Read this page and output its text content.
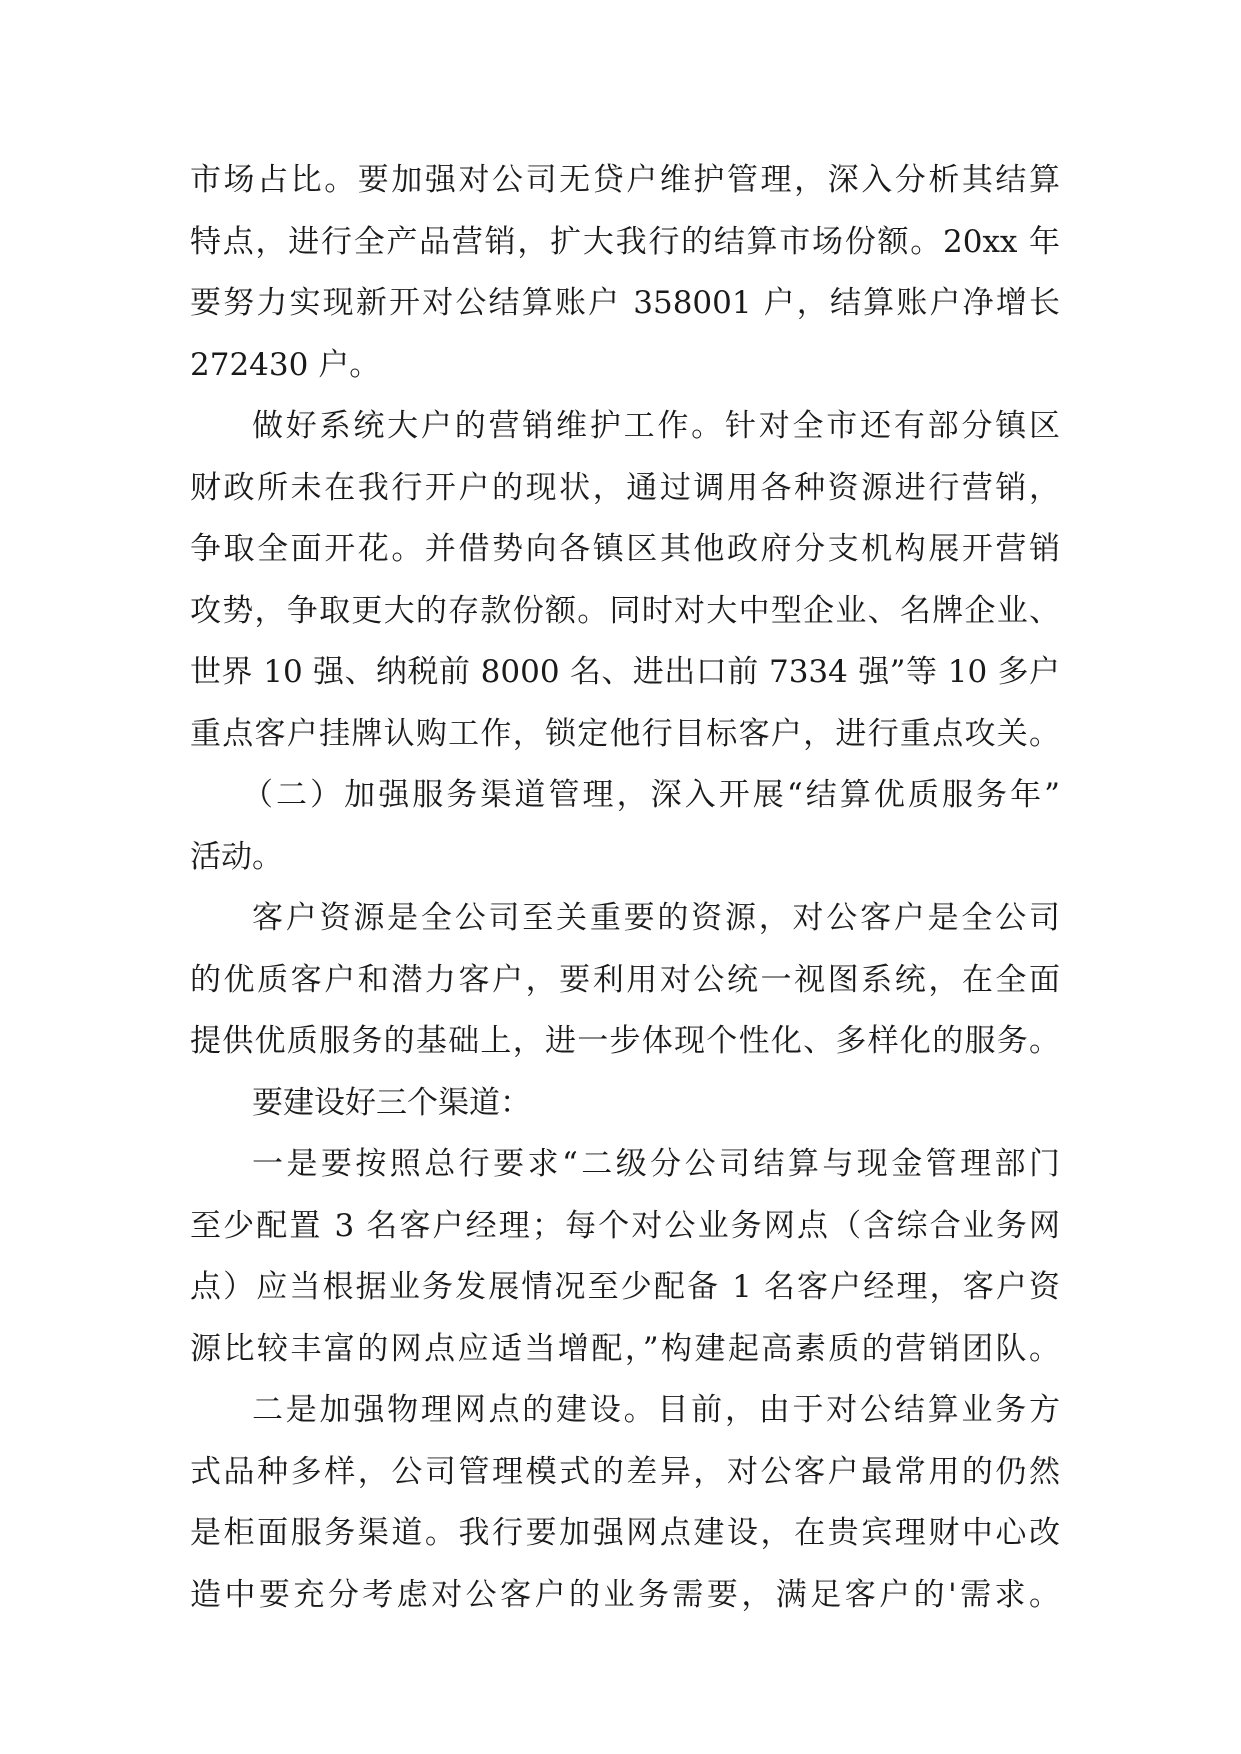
市场占比。要加强对公司无贷户维护管理，深入分析其结算
特点，进行全产品营销，扩大我行的结算市场份额。20xx 年
要努力实现新开对公结算账户 358001 户，结算账户净增长
272430 户。
做好系统大户的营销维护工作。针对全市还有部分镇区
财政所未在我行开户的现状，通过调用各种资源进行营销，
争取全面开花。并借势向各镇区其他政府分支机构展开营销
攻势，争取更大的存款份额。同时对大中型企业、名牌企业、
世界 10 强、纳税前 8000 名、进出口前 7334 强”等 10 多户
重点客户挂牌认购工作，锁定他行目标客户，进行重点攻关。
（二）加强服务渠道管理，深入开展“结算优质服务年”
活动。
客户资源是全公司至关重要的资源，对公客户是全公司
的优质客户和潜力客户，要利用对公统一视图系统，在全面
提供优质服务的基础上，进一步体现个性化、多样化的服务。
要建设好三个渠道：
一是要按照总行要求“二级分公司结算与现金管理部门
至少配置 3 名客户经理；每个对公业务网点（含综合业务网
点）应当根据业务发展情况至少配备 1 名客户经理，客户资
源比较丰富的网点应适当增配，”构建起高素质的营销团队。
二是加强物理网点的建设。目前，由于对公结算业务方
式品种多样，公司管理模式的差异，对公客户最常用的仍然
是柜面服务渠道。我行要加强网点建设，在贵宾理财中心改
造中要充分考虑对公客户的业务需要，满足客户的'需求。
